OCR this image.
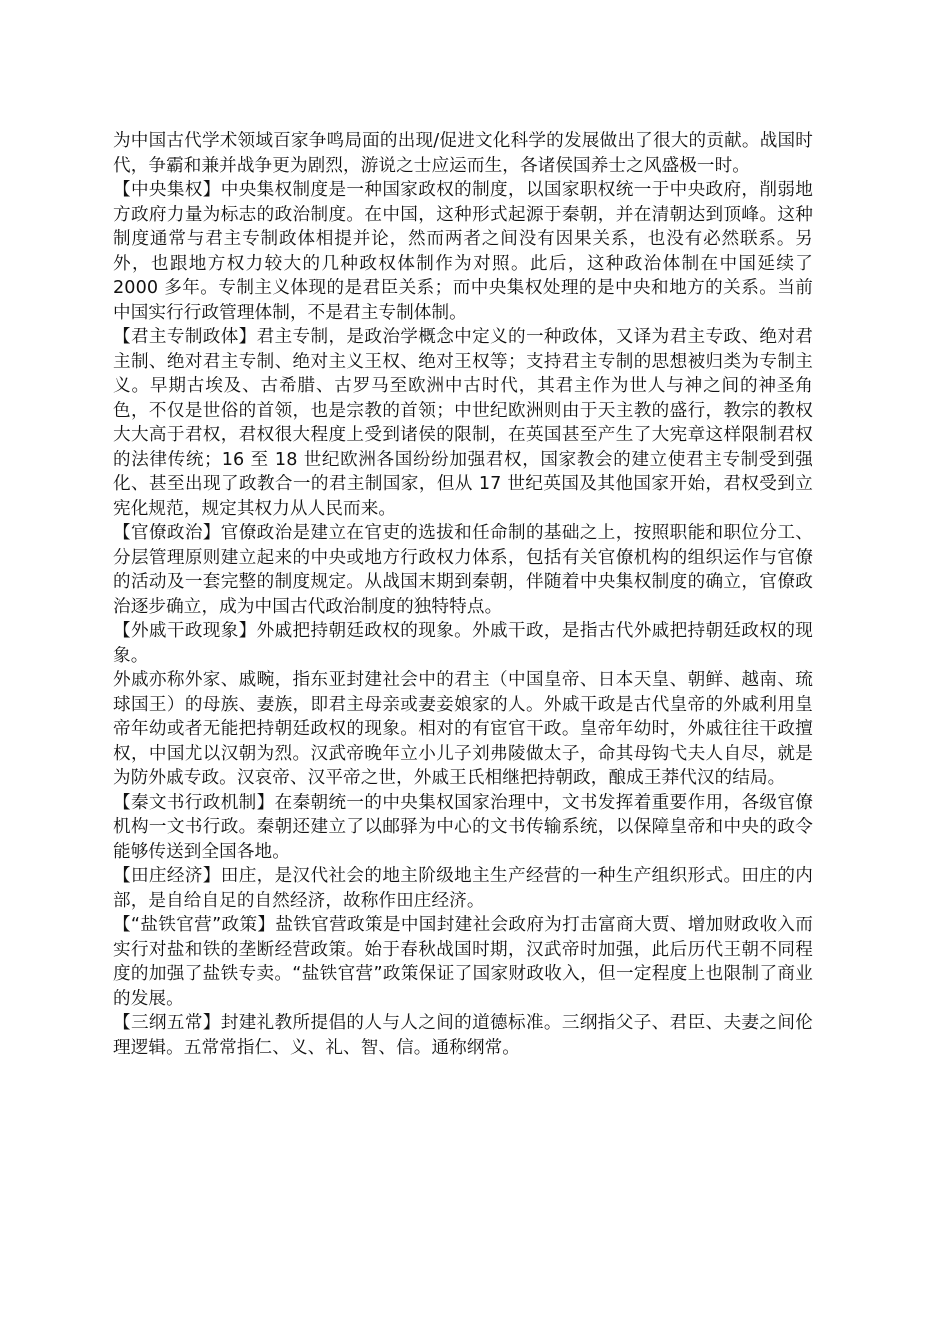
为中国古代学术领域百家争鸣局面的出现/促进文化科学的发展做出了很大的贡献。战国时代，争霸和兼并战争更为剧烈，游说之士应运而生，各诸侯国养士之风盛极一时。

【中央集权】中央集权制度是一种国家政权的制度，以国家职权统一于中央政府，削弱地方政府力量为标志的政治制度。在中国，这种形式起源于秦朝，并在清朝达到顶峰。这种制度通常与君主专制政体相提并论，然而两者之间没有因果关系，也没有必然联系。另外，也跟地方权力较大的几种政权体制作为对照。此后，这种政治体制在中国延续了 2000 多年。专制主义体现的是君臣关系；而中央集权处理的是中央和地方的关系。当前中国实行行政管理体制，不是君主专制体制。

【君主专制政体】君主专制，是政治学概念中定义的一种政体，又译为君主专政、绝对君主制、绝对君主专制、绝对主义王权、绝对王权等；支持君主专制的思想被归类为专制主义。早期古埃及、古希腊、古罗马至欧洲中古时代，其君主作为世人与神之间的神圣角色，不仅是世俗的首领，也是宗教的首领；中世纪欧洲则由于天主教的盛行，教宗的教权大大高于君权，君权很大程度上受到诸侯的限制，在英国甚至产生了大宪章这样限制君权的法律传统；16 至 18 世纪欧洲各国纷纷加强君权，国家教会的建立使君主专制受到强化、甚至出现了政教合一的君主制国家，但从 17 世纪英国及其他国家开始，君权受到立宪化规范，规定其权力从人民而来。

【官僚政治】官僚政治是建立在官吏的选拔和任命制的基础之上，按照职能和职位分工、分层管理原则建立起来的中央或地方行政权力体系，包括有关官僚机构的组织运作与官僚的活动及一套完整的制度规定。从战国末期到秦朝，伴随着中央集权制度的确立，官僚政治逐步确立，成为中国古代政治制度的独特特点。

【外戚干政现象】外戚把持朝廷政权的现象。外戚干政，是指古代外戚把持朝廷政权的现象。

外戚亦称外家、戚畹，指东亚封建社会中的君主（中国皇帝、日本天皇、朝鲜、越南、琉球国王）的母族、妻族，即君主母亲或妻妾娘家的人。外戚干政是古代皇帝的外戚利用皇帝年幼或者无能把持朝廷政权的现象。相对的有宦官干政。皇帝年幼时，外戚往往干政擅权，中国尤以汉朝为烈。汉武帝晚年立小儿子刘弗陵做太子，命其母钩弋夫人自尽，就是为防外戚专政。汉哀帝、汉平帝之世，外戚王氏相继把持朝政，酿成王莽代汉的结局。

【秦文书行政机制】在秦朝统一的中央集权国家治理中，文书发挥着重要作用，各级官僚机构一文书行政。秦朝还建立了以邮驿为中心的文书传输系统，以保障皇帝和中央的政令能够传送到全国各地。

【田庄经济】田庄，是汉代社会的地主阶级地主生产经营的一种生产组织形式。田庄的内部，是自给自足的自然经济，故称作田庄经济。

【“盐铁官营”政策】盐铁官营政策是中国封建社会政府为打击富商大贾、增加财政收入而实行对盐和铁的垄断经营政策。始于春秋战国时期，汉武帝时加强，此后历代王朝不同程度的加强了盐铁专卖。“盐铁官营”政策保证了国家财政收入，但一定程度上也限制了商业的发展。

【三纲五常】封建礼教所提倡的人与人之间的道德标准。三纲指父子、君臣、夫妻之间伦理逻辑。五常常指仁、义、礼、智、信。通称纲常。
